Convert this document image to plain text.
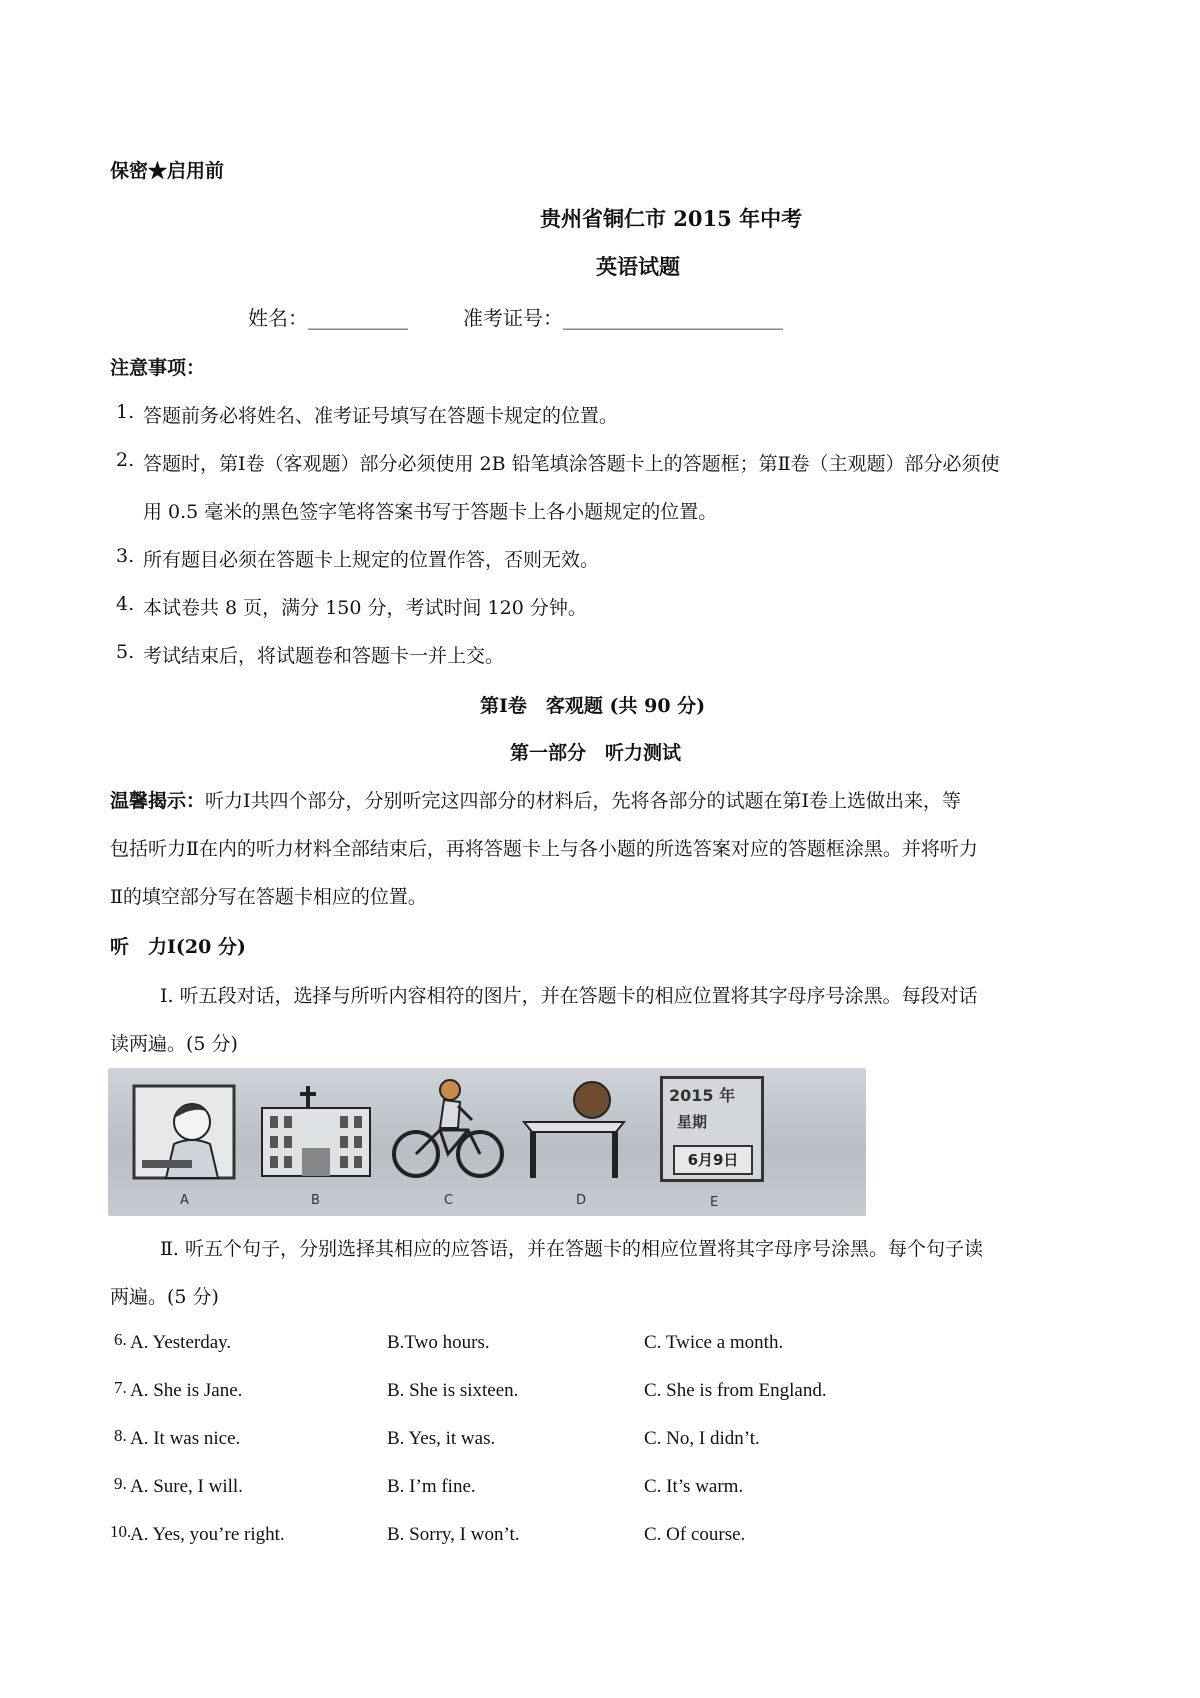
保密★启用前
贵州省铜仁市 2015 年中考
英语试题
姓名：__________	准考证号：______________________
注意事项：
1. 答题前务必将姓名、准考证号填写在答题卡规定的位置。
2. 答题时，第Ⅰ卷（客观题）部分必须使用 2B 铅笔填涂答题卡上的答题框；第Ⅱ卷（主观题）部分必须使
用 0.5 毫米的黑色签字笔将答案书写于答题卡上各小题规定的位置。
3. 所有题目必须在答题卡上规定的位置作答，否则无效。
4. 本试卷共 8 页，满分 150 分，考试时间 120 分钟。
5. 考试结束后，将试题卷和答题卡一并上交。
第Ⅰ卷　客观题 (共 90 分)
第一部分　听力测试
温馨揭示：听力Ⅰ共四个部分，分别听完这四部分的材料后，先将各部分的试题在第Ⅰ卷上选做出来，等
包括听力Ⅱ在内的听力材料全部结束后，再将答题卡上与各小题的所选答案对应的答题框涂黑。并将听力
Ⅱ的填空部分写在答题卡相应的位置。
听　力Ⅰ(20 分)
Ⅰ. 听五段对话，选择与所听内容相符的图片，并在答题卡的相应位置将其字母序号涂黑。每段对话
读两遍。(5 分)
A	B	C	D
2015 年
星期
6月9日
E
Ⅱ. 听五个句子，分别选择其相应的应答语，并在答题卡的相应位置将其字母序号涂黑。每个句子读
两遍。(5 分)
6. A. Yesterday.	B.Two hours.	C. Twice a month.
7. A. She is Jane.	B. She is sixteen.	C. She is from England.
8. A. It was nice.	B. Yes, it was.	C. No, I didn’t.
9. A. Sure, I will.	B. I’m fine.	C. It’s warm.
10.
A. Yes, you’re right.	B. Sorry, I won’t.	C. Of course.
